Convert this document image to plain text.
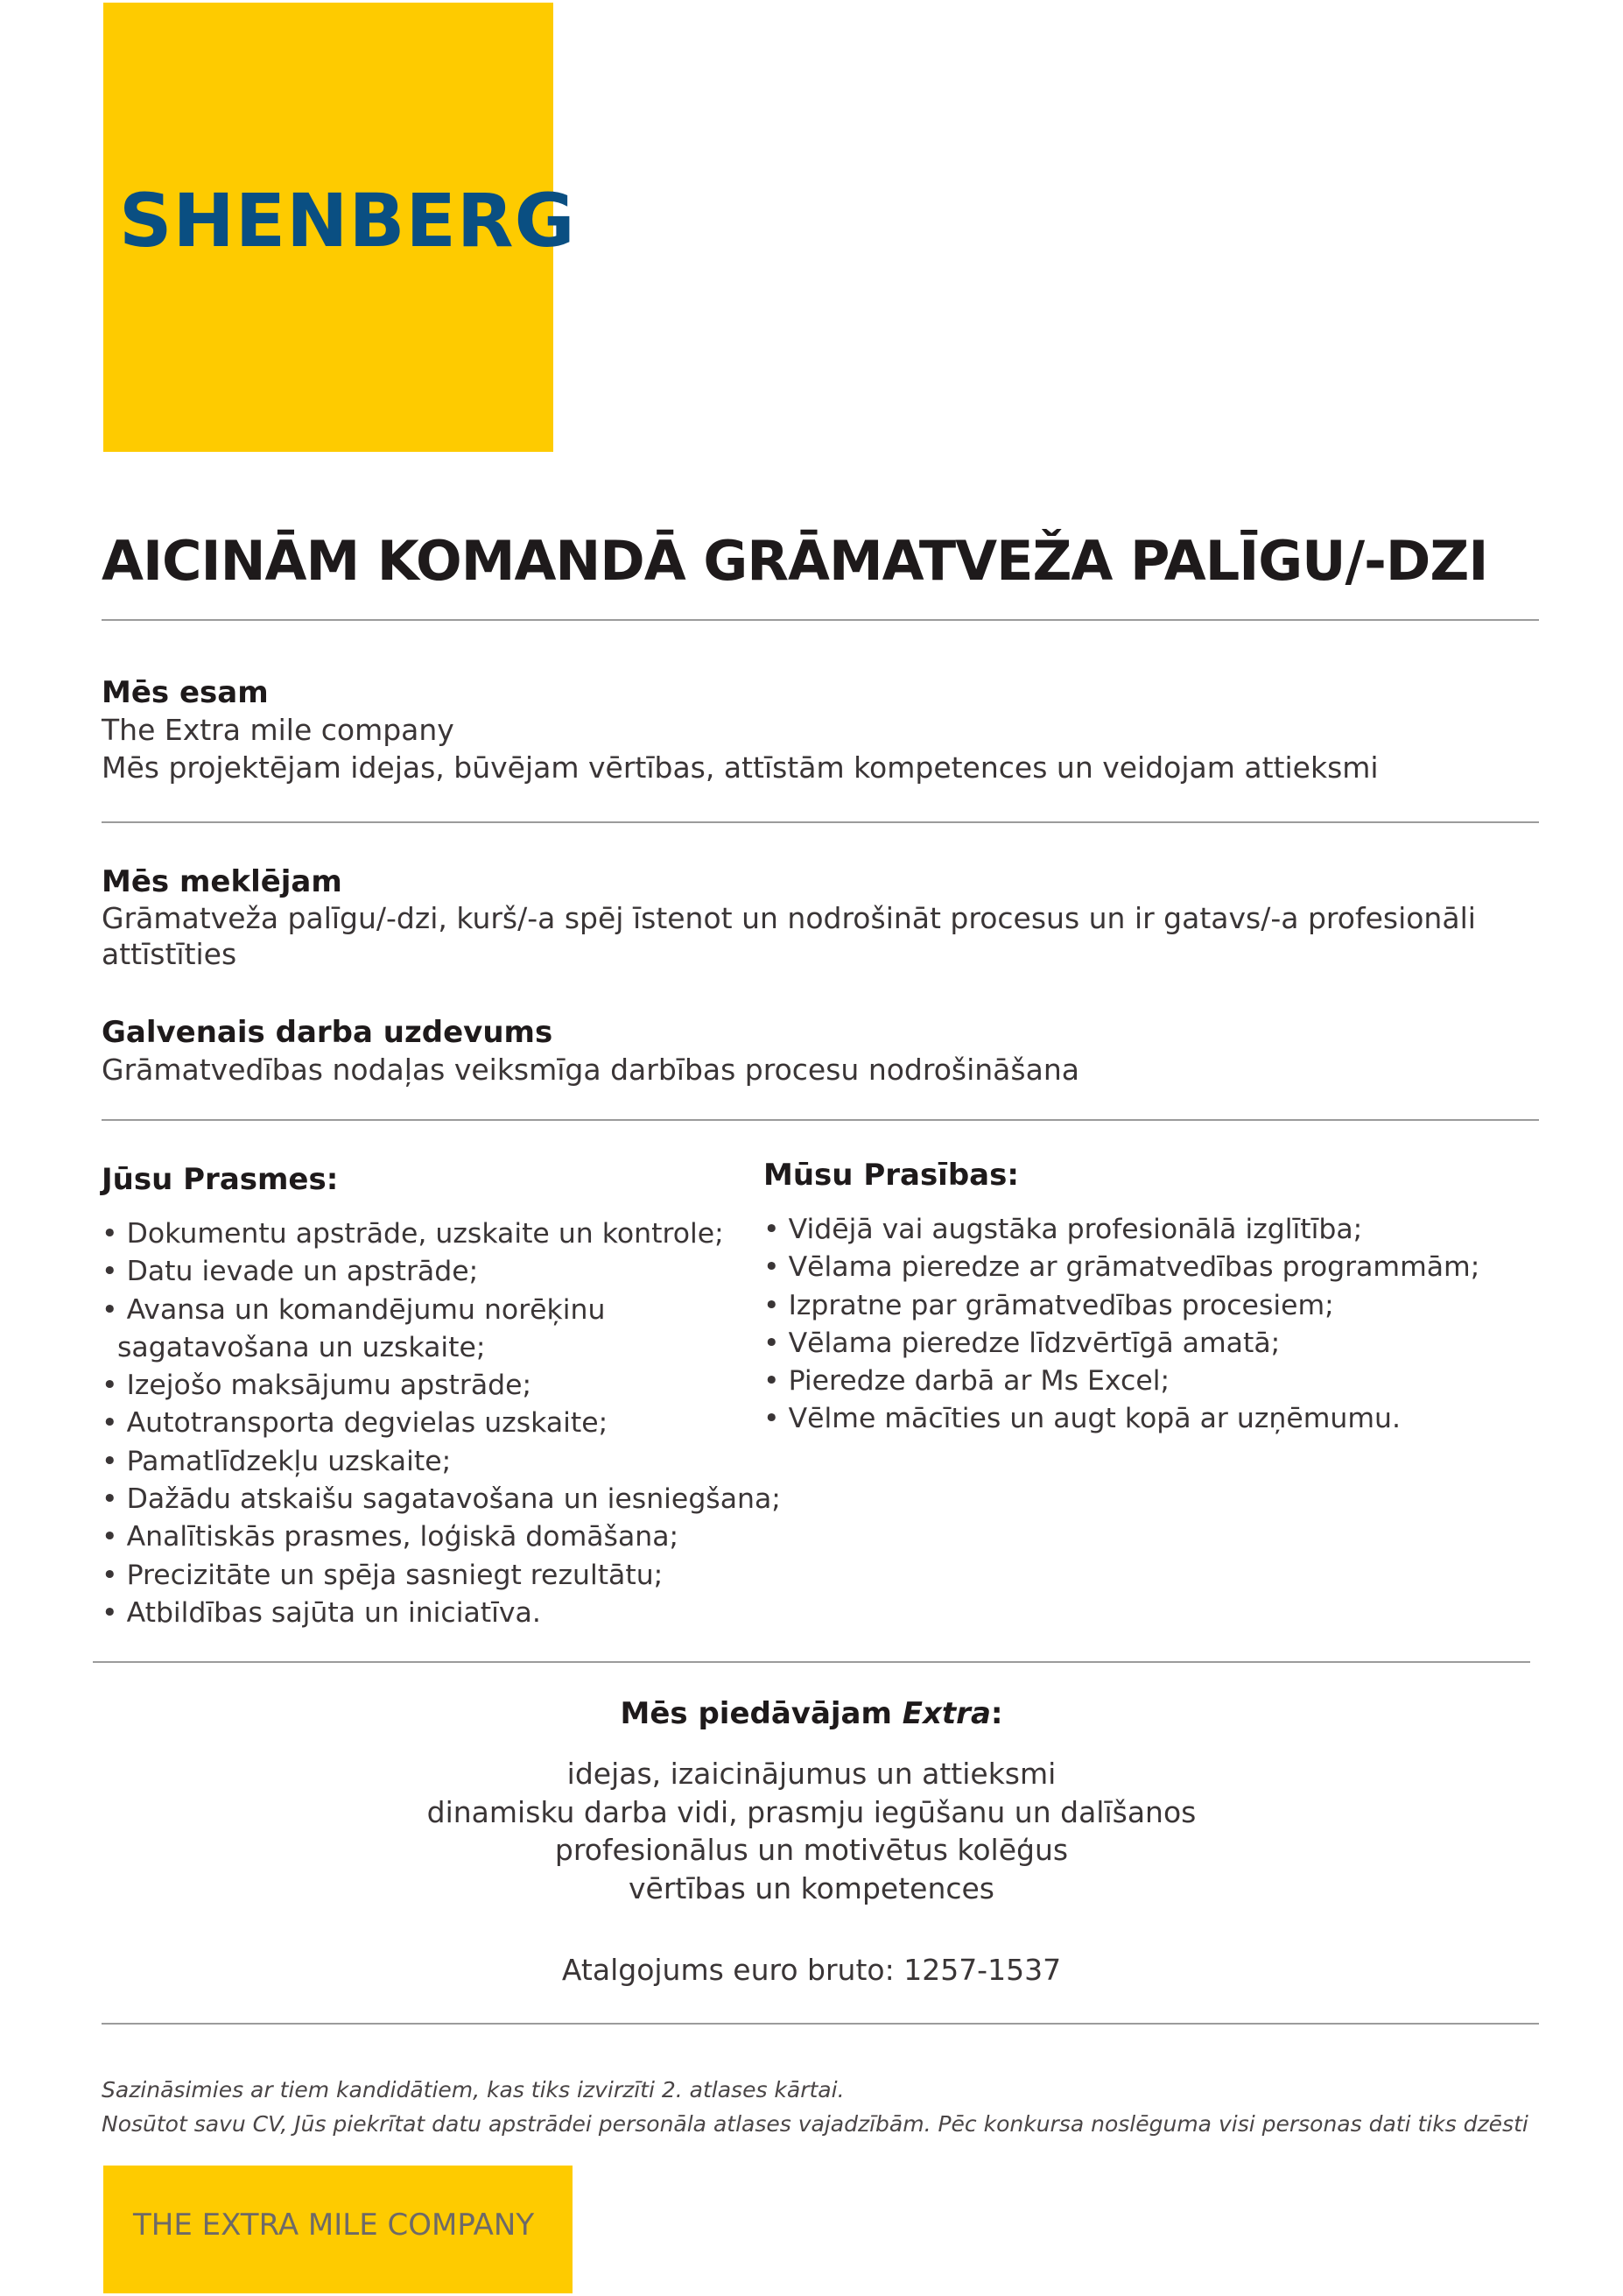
SHENBERG
AICINĀM KOMANDĀ GRĀMATVEŽA PALĪGU/-DZI
Mēs esam
The Extra mile company
Mēs projektējam idejas, būvējam vērtības, attīstām kompetences un veidojam attieksmi
Mēs meklējam
Grāmatveža palīgu/-dzi, kurš/-a spēj īstenot un nodrošināt procesus un ir gatavs/-a profesionāli
attīstīties
Galvenais darba uzdevums
Grāmatvedības nodaļas veiksmīga darbības procesu nodrošināšana
Jūsu Prasmes:
• Dokumentu apstrāde, uzskaite un kontrole;
• Datu ievade un apstrāde;
• Avansa un komandējumu norēķinu
sagatavošana un uzskaite;
• Izejošo maksājumu apstrāde;
• Autotransporta degvielas uzskaite;
• Pamatlīdzekļu uzskaite;
• Dažādu atskaišu sagatavošana un iesniegšana;
• Analītiskās prasmes, loģiskā domāšana;
• Precizitāte un spēja sasniegt rezultātu;
• Atbildības sajūta un iniciatīva.
Mūsu Prasības:
• Vidējā vai augstāka profesionālā izglītība;
• Vēlama pieredze ar grāmatvedības programmām;
• Izpratne par grāmatvedības procesiem;
• Vēlama pieredze līdzvērtīgā amatā;
• Pieredze darbā ar Ms Excel;
• Vēlme mācīties un augt kopā ar uzņēmumu.
Mēs piedāvājam Extra:
idejas, izaicinājumus un attieksmi
dinamisku darba vidi, prasmju iegūšanu un dalīšanos
profesionālus un motivētus kolēģus
vērtības un kompetences
Atalgojums euro bruto: 1257-1537
Sazināsimies ar tiem kandidātiem, kas tiks izvirzīti 2. atlases kārtai.
Nosūtot savu CV, Jūs piekrītat datu apstrādei personāla atlases vajadzībām. Pēc konkursa noslēguma visi personas dati tiks dzēsti
THE EXTRA MILE COMPANY
